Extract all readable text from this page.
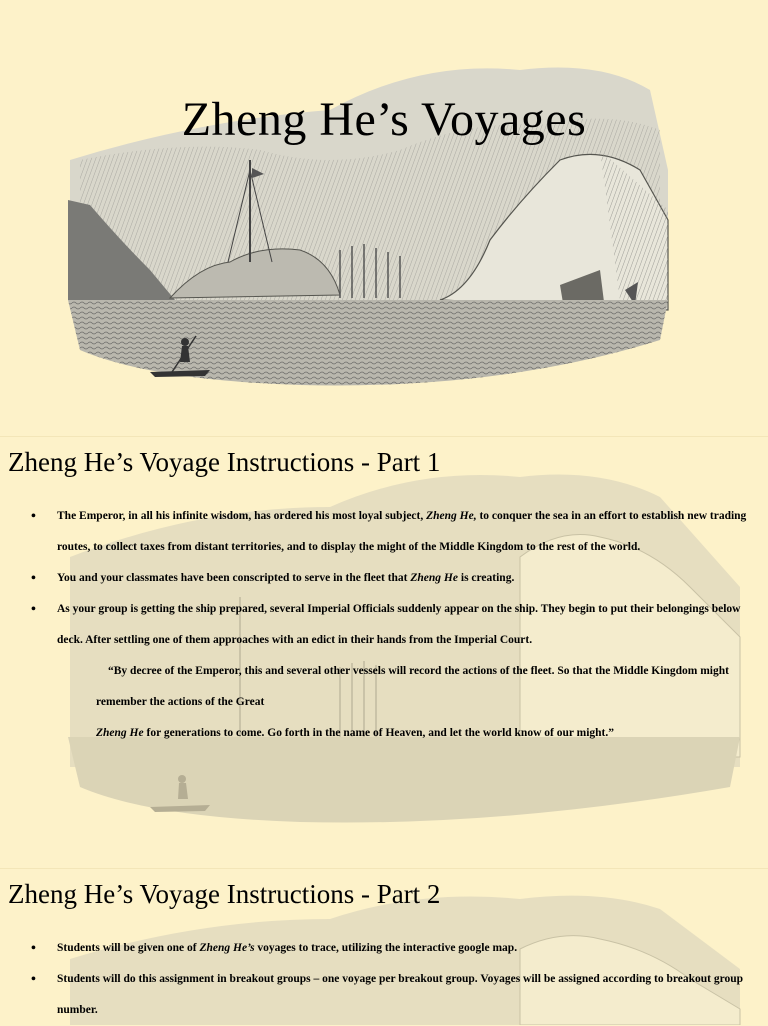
Zheng He’s Voyages
Zheng He’s Voyage Instructions - Part 1
• The Emperor, in all his infinite wisdom, has ordered his most loyal subject, Zheng He, to conquer the sea in an effort to establish new trading routes, to collect taxes from distant territories, and to display the might of the Middle Kingdom to the rest of the world.
• You and your classmates have been conscripted to serve in the fleet that Zheng He is creating.
• As your group is getting the ship prepared, several Imperial Officials suddenly appear on the ship. They begin to put their belongings below deck. After settling one of them approaches with an edict in their hands from the Imperial Court.

“By decree of the Emperor, this and several other vessels will record the actions of the fleet. So that the Middle Kingdom might remember the actions of the GreatZheng He for generations to come. Go forth in the name of Heaven, and let the world know of our might.”

Zheng He’s Voyage Instructions - Part 2
• Students will be given one of Zheng He’s voyages to trace, utilizing the interactive google map.
• Students will do this assignment in breakout groups – one voyage per breakout group. Voyages will be assigned according to breakout group number.
